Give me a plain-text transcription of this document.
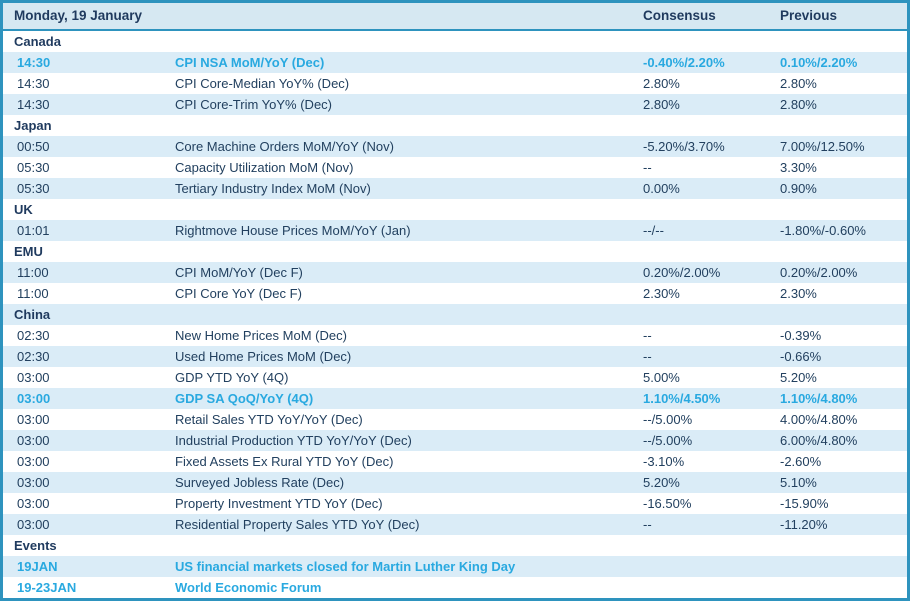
Monday, 19 January	Consensus	Previous
Canada
14:30	CPI NSA MoM/YoY (Dec)	-0.40%/2.20%	0.10%/2.20%
14:30	CPI Core-Median YoY% (Dec)	2.80%	2.80%
14:30	CPI Core-Trim YoY% (Dec)	2.80%	2.80%
Japan
00:50	Core Machine Orders MoM/YoY (Nov)	-5.20%/3.70%	7.00%/12.50%
05:30	Capacity Utilization MoM (Nov)	--	3.30%
05:30	Tertiary Industry Index MoM (Nov)	0.00%	0.90%
UK
01:01	Rightmove House Prices MoM/YoY (Jan)	--/--	-1.80%/-0.60%
EMU
11:00	CPI MoM/YoY (Dec F)	0.20%/2.00%	0.20%/2.00%
11:00	CPI Core YoY (Dec F)	2.30%	2.30%
China
02:30	New Home Prices MoM (Dec)	--	-0.39%
02:30	Used Home Prices MoM (Dec)	--	-0.66%
03:00	GDP YTD YoY (4Q)	5.00%	5.20%
03:00	GDP SA QoQ/YoY (4Q)	1.10%/4.50%	1.10%/4.80%
03:00	Retail Sales YTD YoY/YoY (Dec)	--/5.00%	4.00%/4.80%
03:00	Industrial Production YTD YoY/YoY (Dec)	--/5.00%	6.00%/4.80%
03:00	Fixed Assets Ex Rural YTD YoY (Dec)	-3.10%	-2.60%
03:00	Surveyed Jobless Rate (Dec)	5.20%	5.10%
03:00	Property Investment YTD YoY (Dec)	-16.50%	-15.90%
03:00	Residential Property Sales YTD YoY (Dec)	--	-11.20%
Events
19JAN	US financial markets closed for Martin Luther King Day
19-23JAN	World Economic Forum
